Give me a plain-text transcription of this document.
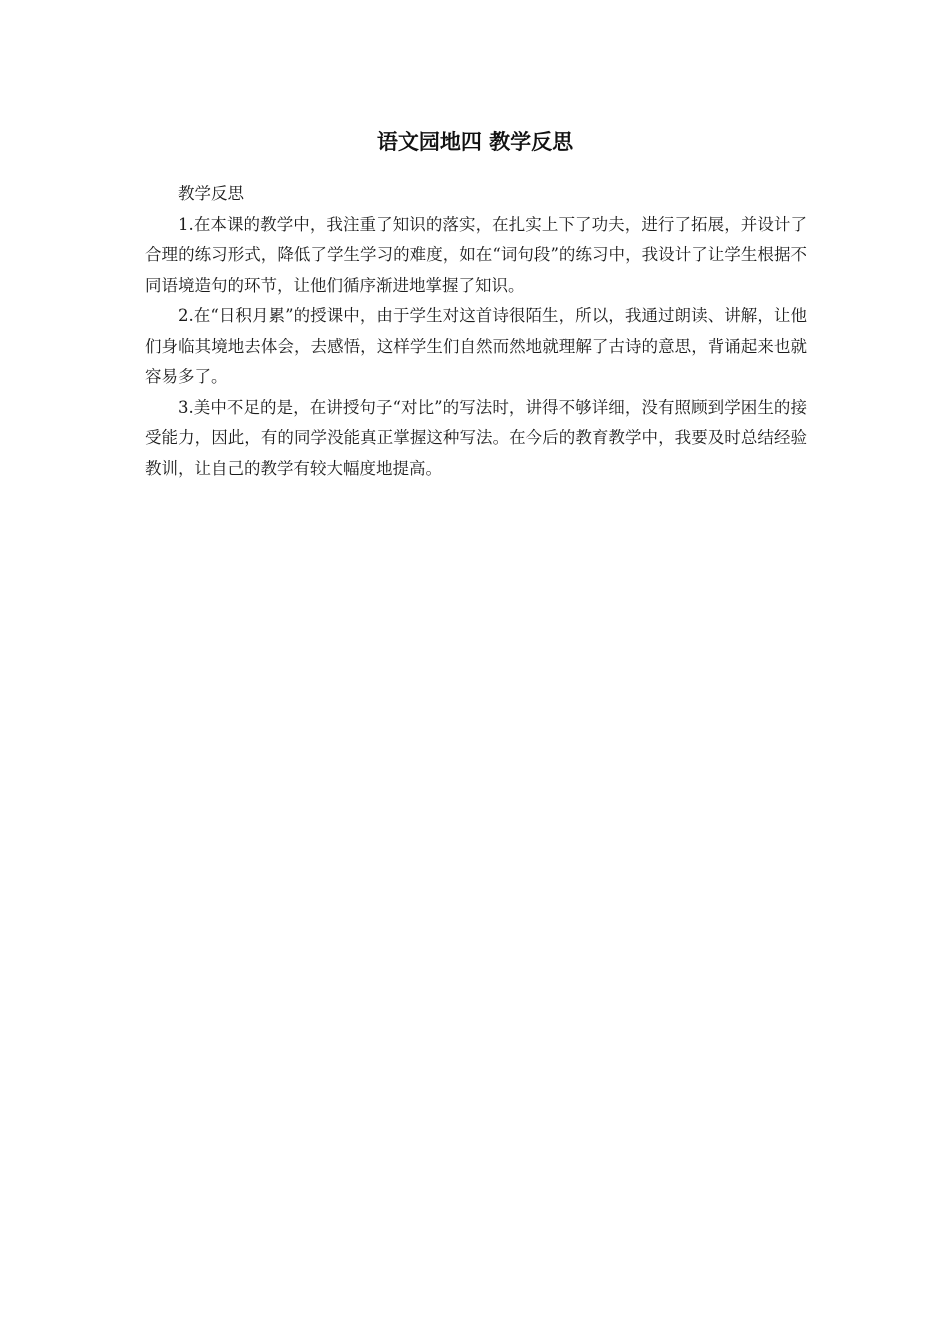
语文园地四 教学反思

教学反思

1.在本课的教学中，我注重了知识的落实，在扎实上下了功夫，进行了拓展，并设计了合理的练习形式，降低了学生学习的难度，如在“词句段”的练习中，我设计了让学生根据不同语境造句的环节，让他们循序渐进地掌握了知识。

2.在“日积月累”的授课中，由于学生对这首诗很陌生，所以，我通过朗读、讲解，让他们身临其境地去体会，去感悟，这样学生们自然而然地就理解了古诗的意思，背诵起来也就容易多了。

3.美中不足的是，在讲授句子“对比”的写法时，讲得不够详细，没有照顾到学困生的接受能力，因此，有的同学没能真正掌握这种写法。在今后的教育教学中，我要及时总结经验教训，让自己的教学有较大幅度地提高。
